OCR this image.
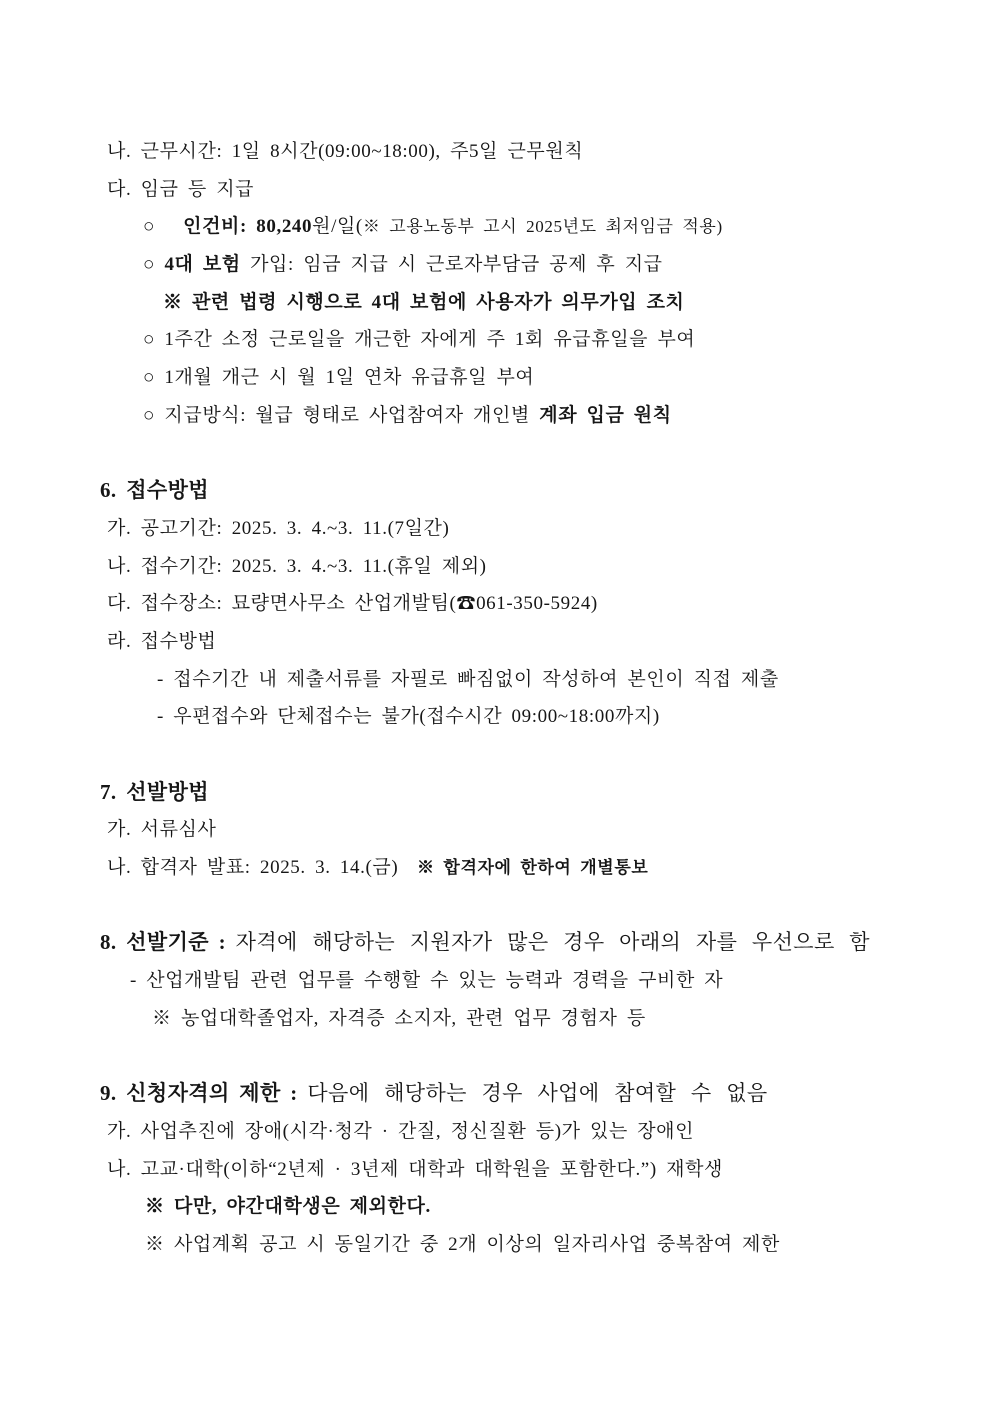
나. 근무시간: 1일 8시간(09:00~18:00), 주5일 근무원칙
다. 임금 등 지급
○   인건비: 80,240원/일(※ 고용노동부 고시 2025년도 최저임금 적용)
○ 4대 보험 가입: 임금 지급 시 근로자부담금 공제 후 지급
※ 관련 법령 시행으로 4대 보험에 사용자가 의무가입 조치
○ 1주간 소정 근로일을 개근한 자에게 주 1회 유급휴일을 부여
○ 1개월 개근 시 월 1일 연차 유급휴일 부여
○ 지급방식: 월급 형태로 사업참여자 개인별 계좌 입금 원칙
6. 접수방법
가. 공고기간: 2025. 3. 4.~3. 11.(7일간)
나. 접수기간: 2025. 3. 4.~3. 11.(휴일 제외)
다. 접수장소: 묘량면사무소 산업개발팀(☎061-350-5924)
라. 접수방법
- 접수기간 내 제출서류를 자필로 빠짐없이 작성하여 본인이 직접 제출
- 우편접수와 단체접수는 불가(접수시간 09:00~18:00까지)
7. 선발방법
가. 서류심사
나. 합격자 발표: 2025. 3. 14.(금)  ※ 합격자에 한하여 개별통보
8. 선발기준 : 자격에 해당하는 지원자가 많은 경우 아래의 자를 우선으로 함
- 산업개발팀 관련 업무를 수행할 수 있는 능력과 경력을 구비한 자
※ 농업대학졸업자, 자격증 소지자, 관련 업무 경험자 등
9. 신청자격의 제한 : 다음에 해당하는 경우 사업에 참여할 수 없음
가. 사업추진에 장애(시각·청각 · 간질, 정신질환 등)가 있는 장애인
나. 고교·대학(이하“2년제 · 3년제 대학과 대학원을 포함한다.”) 재학생
※ 다만, 야간대학생은 제외한다.
※ 사업계획 공고 시 동일기간 중 2개 이상의 일자리사업 중복참여 제한
